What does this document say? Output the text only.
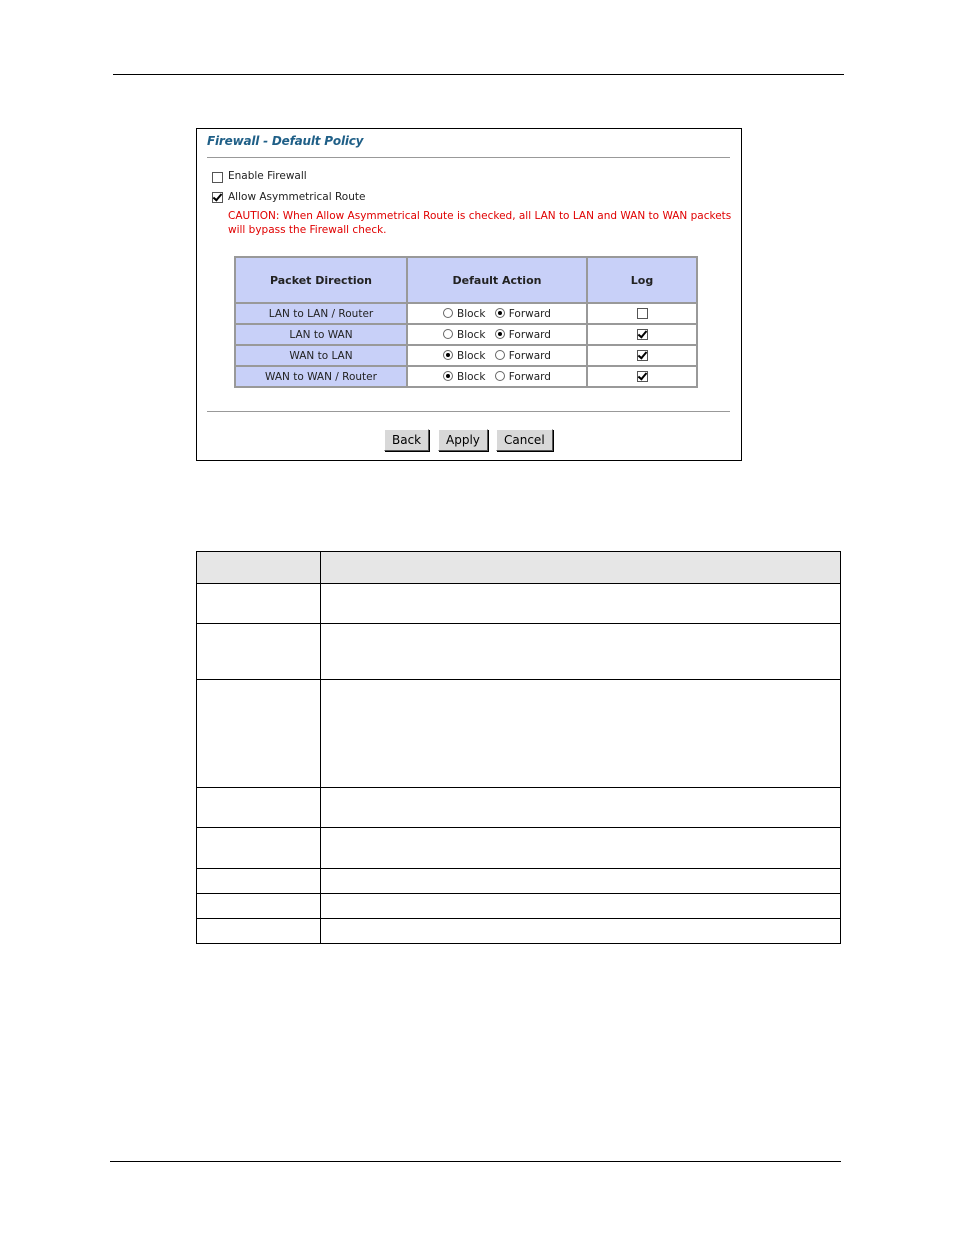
Firewall - Default Policy
Enable Firewall
Allow Asymmetrical Route
CAUTION: When Allow Asymmetrical Route is checked, all LAN to LAN and WAN to WAN packets will bypass the Firewall check.
Packet Direction	Default Action	Log
LAN to LAN / Router	Block Forward	
LAN to WAN	Block Forward	
WAN to LAN	Block Forward	
WAN to WAN / Router	Block Forward	
Back	Apply	Cancel
